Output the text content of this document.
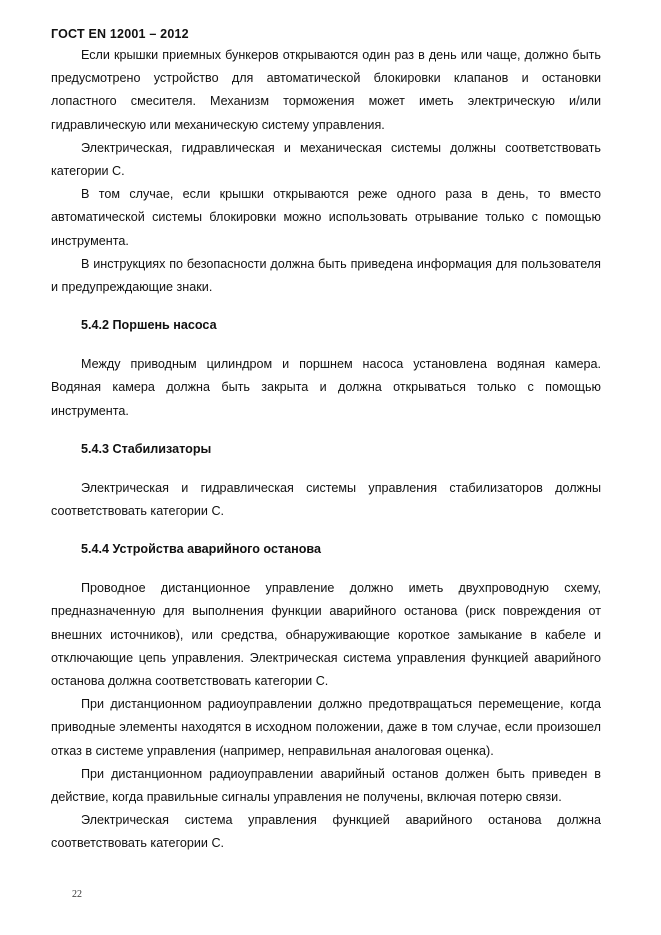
ГОСТ EN 12001 – 2012

Если крышки приемных бункеров открываются один раз в день или чаще, должно быть предусмотрено устройство для автоматической блокировки клапанов и остановки лопастного смесителя. Механизм торможения может иметь электрическую и/или гидравлическую или механическую систему управления.

Электрическая, гидравлическая и механическая системы должны соответствовать категории С.

В том случае, если крышки открываются реже одного раза в день, то вместо автоматической системы блокировки можно использовать отрывание только с помощью инструмента.

В инструкциях по безопасности должна быть приведена информация для пользователя и предупреждающие знаки.

5.4.2 Поршень насоса

Между приводным цилиндром и поршнем насоса установлена водяная камера. Водяная камера должна быть закрыта и должна открываться только с помощью инструмента.

5.4.3 Стабилизаторы

Электрическая и гидравлическая системы управления стабилизаторов должны соответствовать категории С.

5.4.4 Устройства аварийного останова

Проводное дистанционное управление должно иметь двухпроводную схему, предназначенную для выполнения функции аварийного останова (риск повреждения от внешних источников), или средства, обнаруживающие короткое замыкание в кабеле и отключающие цепь управления. Электрическая система управления функцией аварийного останова должна соответствовать категории С.

При дистанционном радиоуправлении должно предотвращаться перемещение, когда приводные элементы находятся в исходном положении, даже в том случае, если произошел отказ в системе управления (например, неправильная аналоговая оценка).

При дистанционном радиоуправлении аварийный останов должен быть приведен в действие, когда правильные сигналы управления не получены, включая потерю связи.

Электрическая система управления функцией аварийного останова должна соответствовать категории С.

22
